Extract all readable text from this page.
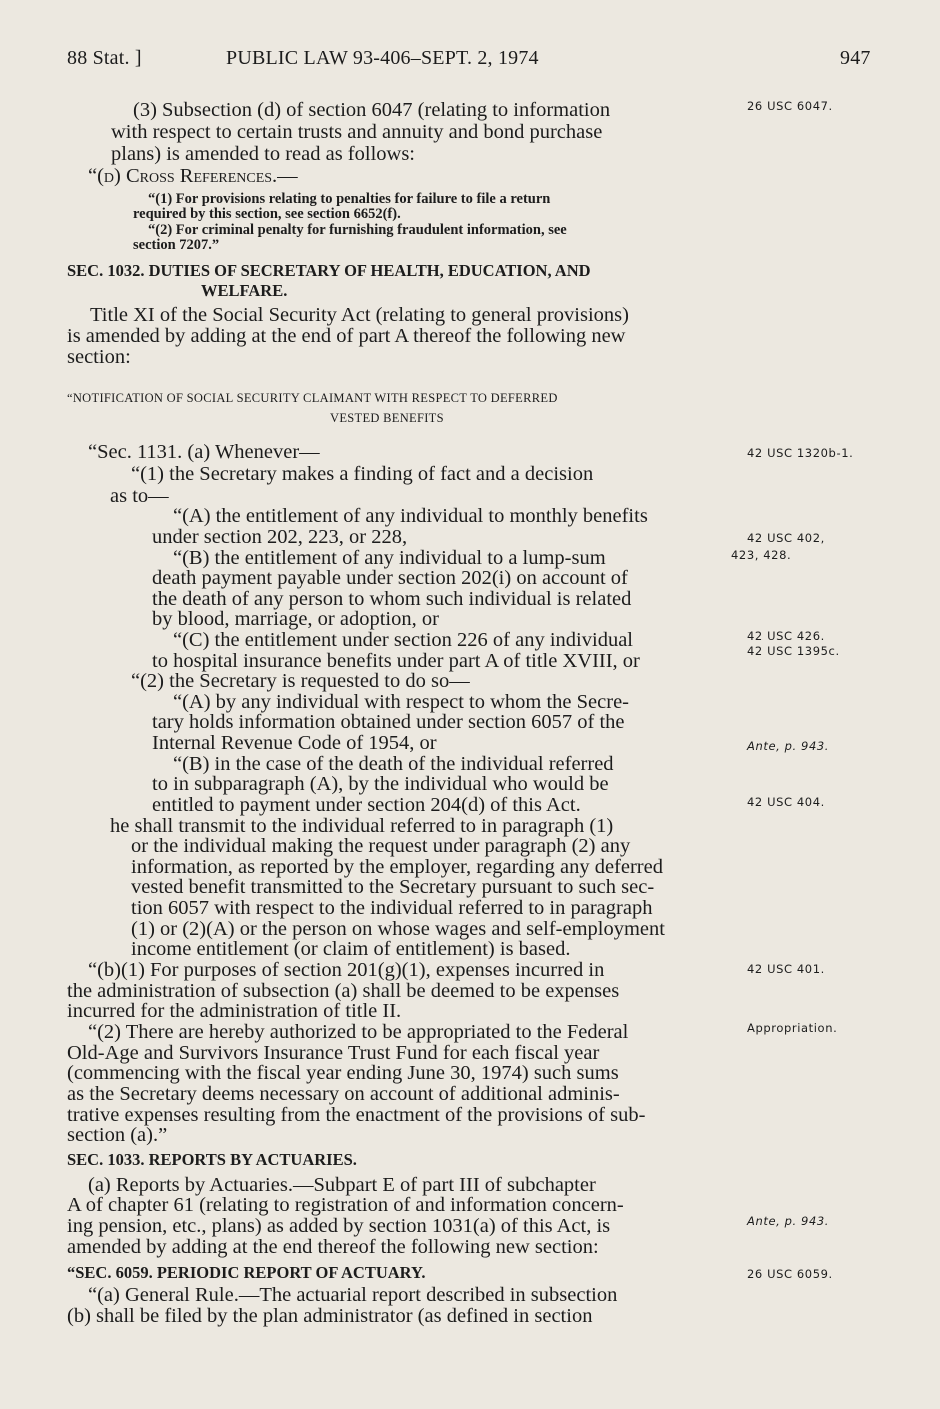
88 Stat. ]	PUBLIC LAW 93-406–SEPT. 2, 1974	947
(3) Subsection (d) of section 6047 (relating to information
with respect to certain trusts and annuity and bond purchase
plans) is amended to read as follows:
“(d) Cross References.—
“(1) For provisions relating to penalties for failure to file a return
required by this section, see section 6652(f).
“(2) For criminal penalty for furnishing fraudulent information, see
section 7207.”
SEC. 1032. DUTIES OF SECRETARY OF HEALTH, EDUCATION, AND
WELFARE.
Title XI of the Social Security Act (relating to general provisions)
is amended by adding at the end of part A thereof the following new
section:
“NOTIFICATION OF SOCIAL SECURITY CLAIMANT WITH RESPECT TO DEFERRED
VESTED BENEFITS
“Sec. 1131. (a) Whenever—
“(1) the Secretary makes a finding of fact and a decision
as to—
“(A) the entitlement of any individual to monthly benefits
under section 202, 223, or 228,
“(B) the entitlement of any individual to a lump-sum
death payment payable under section 202(i) on account of
the death of any person to whom such individual is related
by blood, marriage, or adoption, or
“(C) the entitlement under section 226 of any individual
to hospital insurance benefits under part A of title XVIII, or
“(2) the Secretary is requested to do so—
“(A) by any individual with respect to whom the Secre-
tary holds information obtained under section 6057 of the
Internal Revenue Code of 1954, or
“(B) in the case of the death of the individual referred
to in subparagraph (A), by the individual who would be
entitled to payment under section 204(d) of this Act.
he shall transmit to the individual referred to in paragraph (1)
or the individual making the request under paragraph (2) any
information, as reported by the employer, regarding any deferred
vested benefit transmitted to the Secretary pursuant to such sec-
tion 6057 with respect to the individual referred to in paragraph
(1) or (2)(A) or the person on whose wages and self-employment
income entitlement (or claim of entitlement) is based.
“(b)(1) For purposes of section 201(g)(1), expenses incurred in
the administration of subsection (a) shall be deemed to be expenses
incurred for the administration of title II.
“(2) There are hereby authorized to be appropriated to the Federal
Old-Age and Survivors Insurance Trust Fund for each fiscal year
(commencing with the fiscal year ending June 30, 1974) such sums
as the Secretary deems necessary on account of additional adminis-
trative expenses resulting from the enactment of the provisions of sub-
section (a).”
SEC. 1033. REPORTS BY ACTUARIES.
(a) Reports by Actuaries.—Subpart E of part III of subchapter
A of chapter 61 (relating to registration of and information concern-
ing pension, etc., plans) as added by section 1031(a) of this Act, is
amended by adding at the end thereof the following new section:
“SEC. 6059. PERIODIC REPORT OF ACTUARY.
“(a) General Rule.—The actuarial report described in subsection
(b) shall be filed by the plan administrator (as defined in section
26 USC 6047.
42 USC 1320b-1.
42 USC 402,
423, 428.
42 USC 426.
42 USC 1395c.
Ante, p. 943.
42 USC 404.
42 USC 401.
Appropriation.
Ante, p. 943.
26 USC 6059.
